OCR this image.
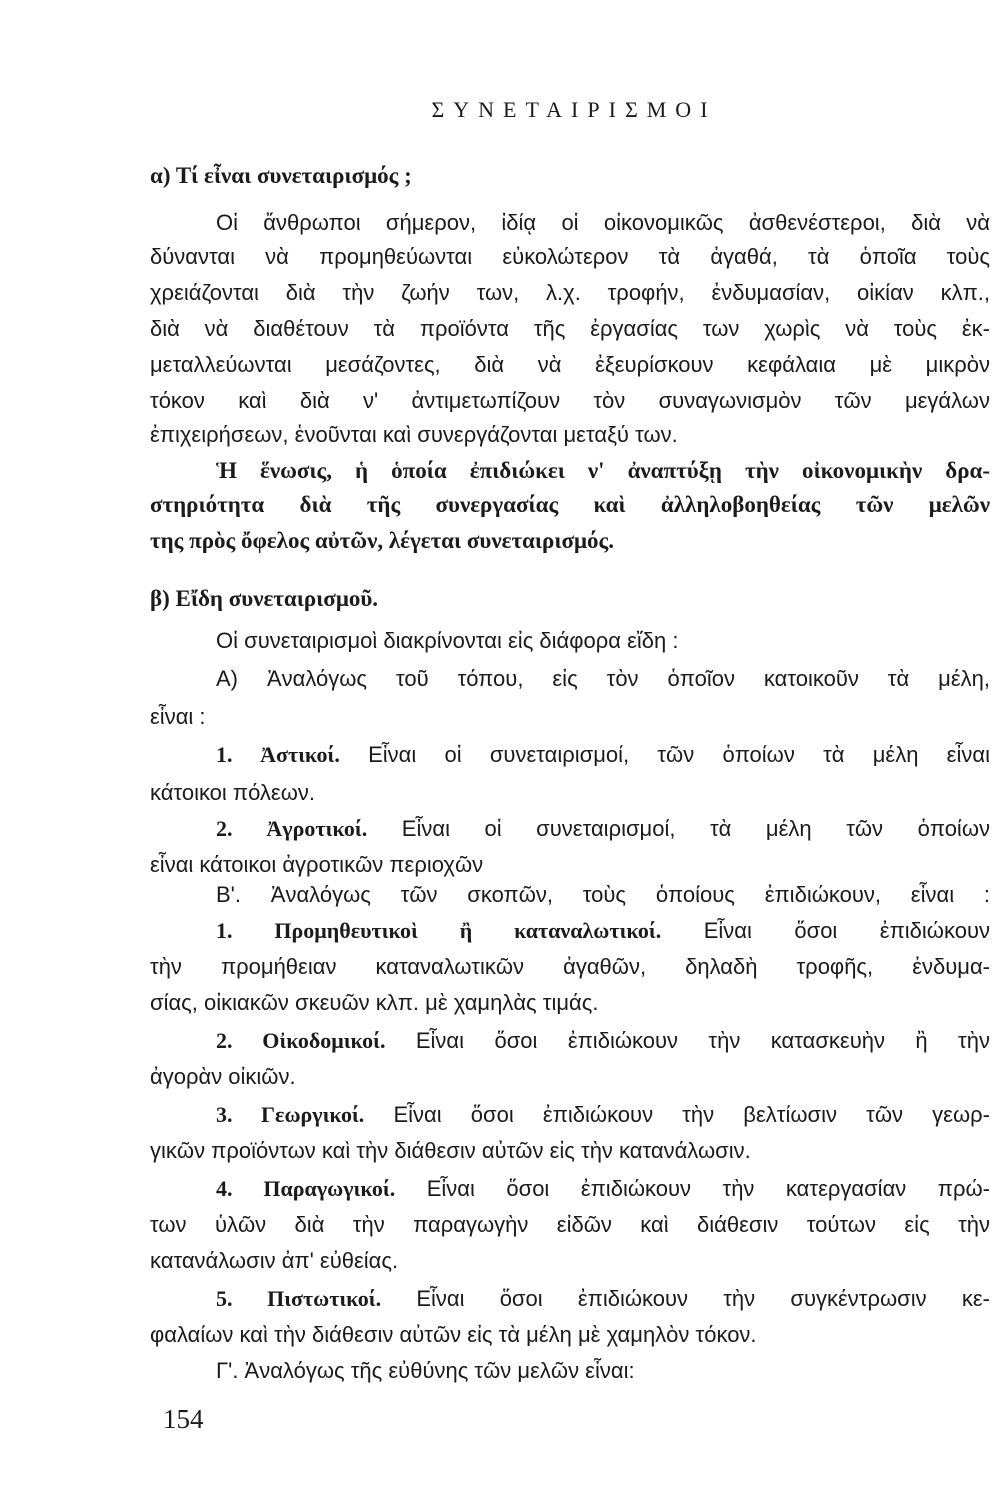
ΣΥΝΕΤΑΙΡΙΣΜΟΙ
α) Τί εἶναι συνεταιρισμός ;
Οἱ ἄνθρωποι σήμερον, ἰδίᾳ οἱ οἰκονομικῶς ἀσθενέστεροι, διὰ νὰ
δύνανται νὰ προμηθεύωνται εὐκολώτερον τὰ ἀγαθά, τὰ ὁποῖα τοὺς
χρειάζονται διὰ τὴν ζωήν των, λ.χ. τροφήν, ἐνδυμασίαν, οἰκίαν κλπ.,
διὰ νὰ διαθέτουν τὰ προϊόντα τῆς ἐργασίας των χωρὶς νὰ τοὺς ἐκ-
μεταλλεύωνται μεσάζοντες, διὰ νὰ ἐξευρίσκουν κεφάλαια μὲ μικρὸν
τόκον καὶ διὰ ν' ἀντιμετωπίζουν τὸν συναγωνισμὸν τῶν μεγάλων
ἐπιχειρήσεων, ἑνοῦνται καὶ συνεργάζονται μεταξύ των.
Ἡ ἕνωσις, ἡ ὁποία ἐπιδιώκει ν' ἀναπτύξῃ τὴν οἰκονομικὴν δρα-
στηριότητα διὰ τῆς συνεργασίας καὶ ἀλληλοβοηθείας τῶν μελῶν
της πρὸς ὄφελος αὐτῶν, λέγεται συνεταιρισμός.
β) Εἴδη συνεταιρισμοῦ.
Οἱ συνεταιρισμοὶ διακρίνονται εἰς διάφορα εἴδη :
Α) Ἀναλόγως τοῦ τόπου, εἰς τὸν ὁποῖον κατοικοῦν τὰ μέλη,
εἶναι :
1. Ἀστικοί. Εἶναι οἱ συνεταιρισμοί, τῶν ὁποίων τὰ μέλη εἶναι
κάτοικοι πόλεων.
2. Ἀγροτικοί. Εἶναι οἱ συνεταιρισμοί, τὰ μέλη τῶν ὁποίων
εἶναι κάτοικοι ἀγροτικῶν περιοχῶν
Β'. Ἀναλόγως τῶν σκοπῶν, τοὺς ὁποίους ἐπιδιώκουν, εἶναι :
1. Προμηθευτικοὶ ἢ καταναλωτικοί. Εἶναι ὅσοι ἐπιδιώκουν
τὴν προμήθειαν καταναλωτικῶν ἀγαθῶν, δηλαδὴ τροφῆς, ἐνδυμα-
σίας, οἰκιακῶν σκευῶν κλπ. μὲ χαμηλὰς τιμάς.
2. Οἰκοδομικοί. Εἶναι ὅσοι ἐπιδιώκουν τὴν κατασκευὴν ἢ τὴν
ἀγορὰν οἰκιῶν.
3. Γεωργικοί. Εἶναι ὅσοι ἐπιδιώκουν τὴν βελτίωσιν τῶν γεωρ-
γικῶν προϊόντων καὶ τὴν διάθεσιν αὐτῶν εἰς τὴν κατανάλωσιν.
4. Παραγωγικοί. Εἶναι ὅσοι ἐπιδιώκουν τὴν κατεργασίαν πρώ-
των ὑλῶν διὰ τὴν παραγωγὴν εἰδῶν καὶ διάθεσιν τούτων εἰς τὴν
κατανάλωσιν ἀπ' εὐθείας.
5. Πιστωτικοί. Εἶναι ὅσοι ἐπιδιώκουν τὴν συγκέντρωσιν κε-
φαλαίων καὶ τὴν διάθεσιν αὐτῶν εἰς τὰ μέλη μὲ χαμηλὸν τόκον.
Γ'. Ἀναλόγως τῆς εὐθύνης τῶν μελῶν εἶναι:
154
